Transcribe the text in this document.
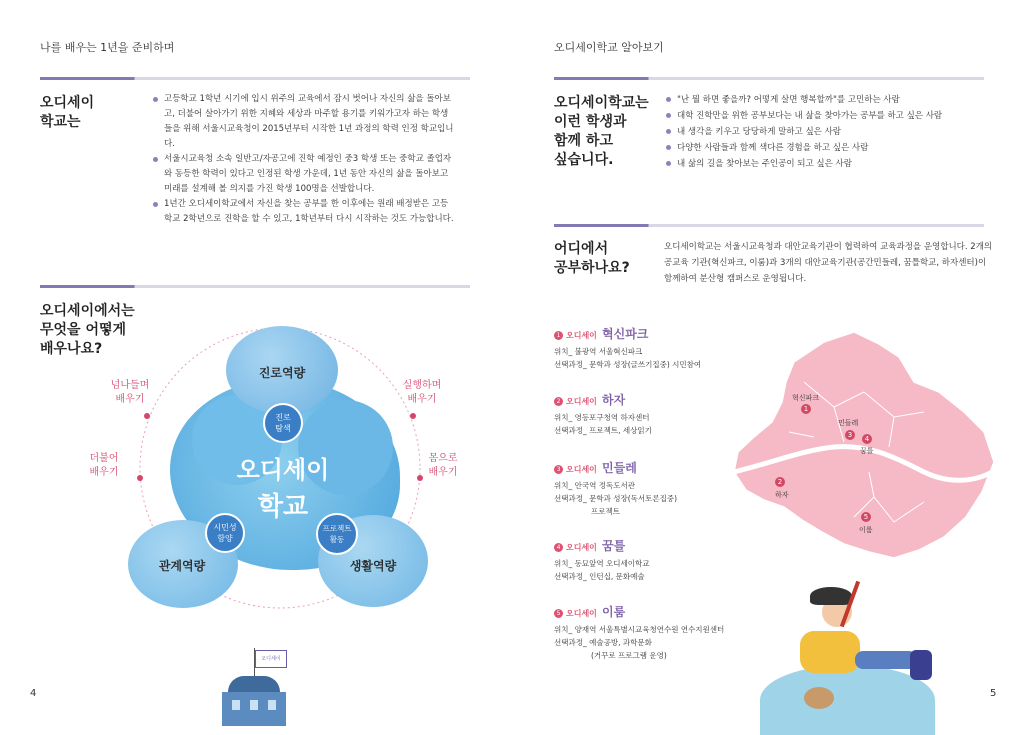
나를 배우는 1년을 준비하며
오디세이
학교는
고등학교 1학년 시기에 입시 위주의 교육에서 잠시 벗어나 자신의 삶을 돌아보고, 더불어 살아가기 위한 지혜와 세상과 마주할 용기를 키워가고자 하는 학생들을 위해 서울시교육청이 2015년부터 시작한 1년 과정의 학력 인정 학교입니다.
서울시교육청 소속 일반고/자공고에 진학 예정인 중3 학생 또는 중학교 졸업자와 동등한 학력이 있다고 인정된 학생 가운데, 1년 동안 자신의 삶을 돌아보고 미래를 설계해 볼 의지를 가진 학생 100명을 선발합니다.
1년간 오디세이학교에서 자신을 찾는 공부를 한 이후에는 원래 배정받은 고등학교 2학년으로 진학을 할 수 있고, 1학년부터 다시 시작하는 것도 가능합니다.
오디세이에서는
무엇을 어떻게
배우나요?
진로역량
관계역량	생활역량
오디세이
학교
진로
탐색
시민성
함양
프로젝트
활동
넘나들며
배우기
실행하며
배우기
더불어
배우기
몸으로
배우기
오디세이
4
오디세이학교 알아보기
오디세이학교는
이런 학생과
함께 하고
싶습니다.
"난 뭘 하면 좋을까? 어떻게 살면 행복할까"를 고민하는 사람
대학 진학만을 위한 공부보다는 내 삶을 찾아가는 공부를 하고 싶은 사람
내 생각을 키우고 당당하게 말하고 싶은 사람
다양한 사람들과 함께 색다른 경험을 하고 싶은 사람
내 삶의 길을 찾아보는 주인공이 되고 싶은 사람
어디에서
공부하나요?
오디세이학교는 서울시교육청과 대안교육기관이 협력하여 교육과정을 운영합니다. 2개의 공교육 기관(혁신파크, 이룸)과 3개의 대안교육기관(공간민들레, 꿈틀학교, 하자센터)이 함께하여 분산형 캠퍼스로 운영됩니다.
1 오디세이 혁신파크
위치_ 불광역 서울혁신파크
선택과정_ 문학과 성장(글쓰기집중) 시민참여
2 오디세이 하자
위치_ 영등포구청역 하자센터
선택과정_ 프로젝트, 세상읽기
3 오디세이 민들레
위치_ 안국역 정독도서관
선택과정_ 문학과 성장(독서토론집중)
프로젝트
4 오디세이 꿈틀
위치_ 동묘앞역 오디세이학교
선택과정_ 인턴십, 문화예술
5 오디세이 이룸
위치_ 양재역 서울특별시교육청연수원 연수지원센터
선택과정_ 예술공방, 과학문화
(거꾸로 프로그램 운영)
혁신파크
1
민들레
3	4
꿈틀
2
하자
5
이룸
5
